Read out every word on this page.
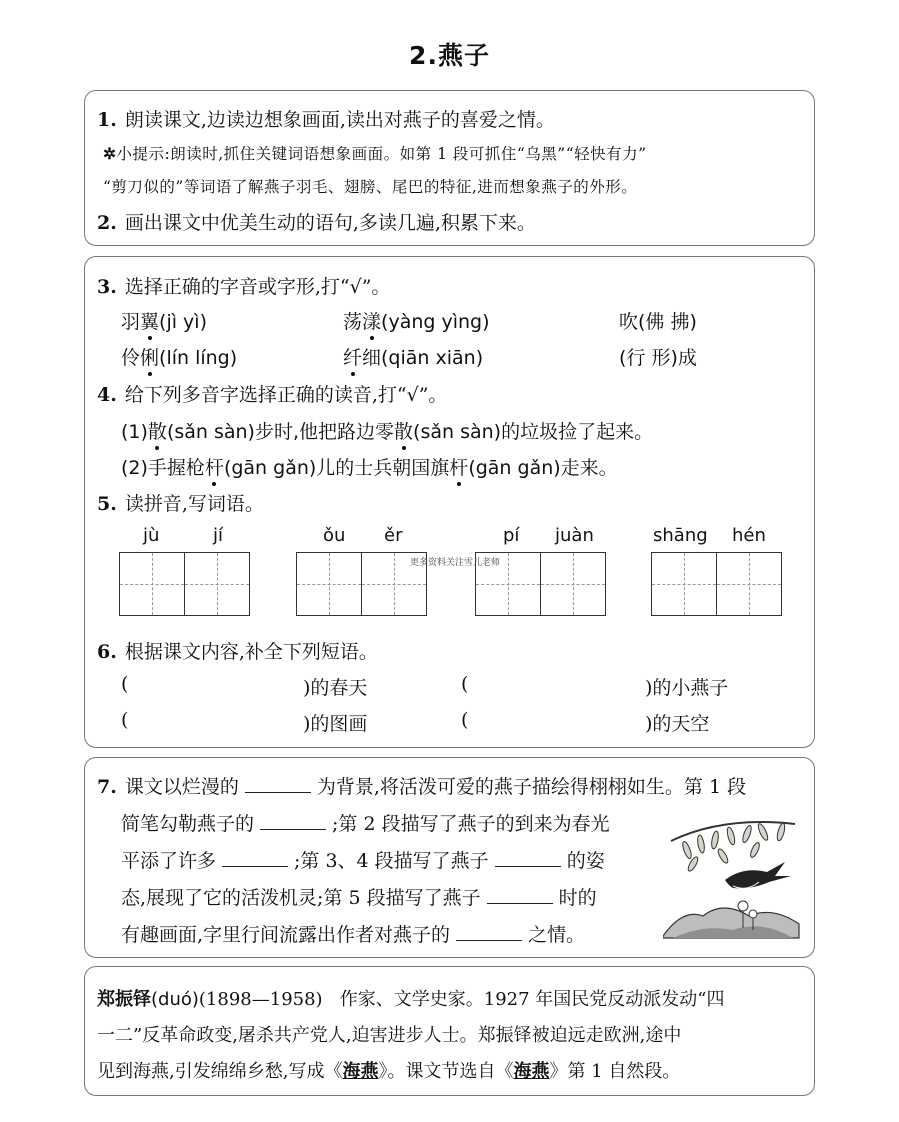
2.燕子
1. 朗读课文,边读边想象画面,读出对燕子的喜爱之情。
✲小提示:朗读时,抓住关键词语想象画面。如第 1 段可抓住“乌黑”“轻快有力”
“剪刀似的”等词语了解燕子羽毛、翅膀、尾巴的特征,进而想象燕子的外形。
2. 画出课文中优美生动的语句,多读几遍,积累下来。
3. 选择正确的字音或字形,打“√”。
羽翼(jì yì)	荡漾(yàng yìng)	吹(佛 拂)
伶俐(lín líng)	纤细(qiān xiān)	(行 形)成
4. 给下列多音字选择正确的读音,打“√”。
(1)散(sǎn sàn)步时,他把路边零散(sǎn sàn)的垃圾捡了起来。
(2)手握枪杆(gān gǎn)儿的士兵朝国旗杆(gān gǎn)走来。
5. 读拼音,写词语。
jù	jí	ǒu ěr	pí juàn	shāng hén
更多资料关注雪儿老师
6. 根据课文内容,补全下列短语。
(	)的春天	(	)的小燕子
(	)的图画	(	)的天空
7. 课文以烂漫的	为背景,将活泼可爱的燕子描绘得栩栩如生。第 1 段
简笔勾勒燕子的	;第 2 段描写了燕子的到来为春光
平添了许多	;第 3、4 段描写了燕子	的姿
态,展现了它的活泼机灵;第 5 段描写了燕子	时的
有趣画面,字里行间流露出作者对燕子的	之情。
郑振铎(duó)(1898—1958) 作家、文学史家。1927 年国民党反动派发动“四
一二”反革命政变,屠杀共产党人,迫害进步人士。郑振铎被迫远走欧洲,途中
见到海燕,引发绵绵乡愁,写成《海燕》。课文节选自《海燕》第 1 自然段。
